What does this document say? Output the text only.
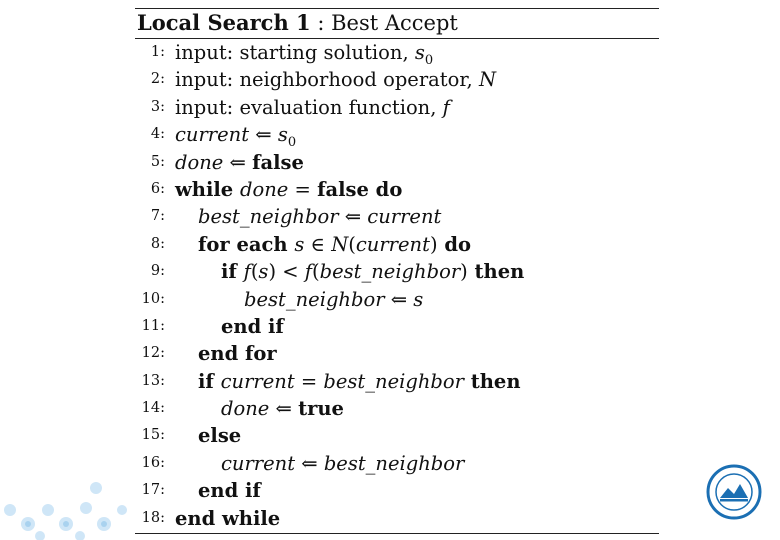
Local Search 1 : Best Accept
1: input: starting solution, $s_0$
2: input: neighborhood operator, N
3: input: evaluation function, f
4: current ⇐ $s_0$
5: done ⇐ false
6: while done = false do
7:	best_neighbor ⇐ current
8:	for each s ∈ N(current) do
9:	if f(s) < f(best_neighbor) then
10:	best_neighbor ⇐ s
11:	end if
12:	end for
13:	if current = best_neighbor then
14:	done ⇐ true
15:	else
16:	current ⇐ best_neighbor
17:	end if
18: end while
